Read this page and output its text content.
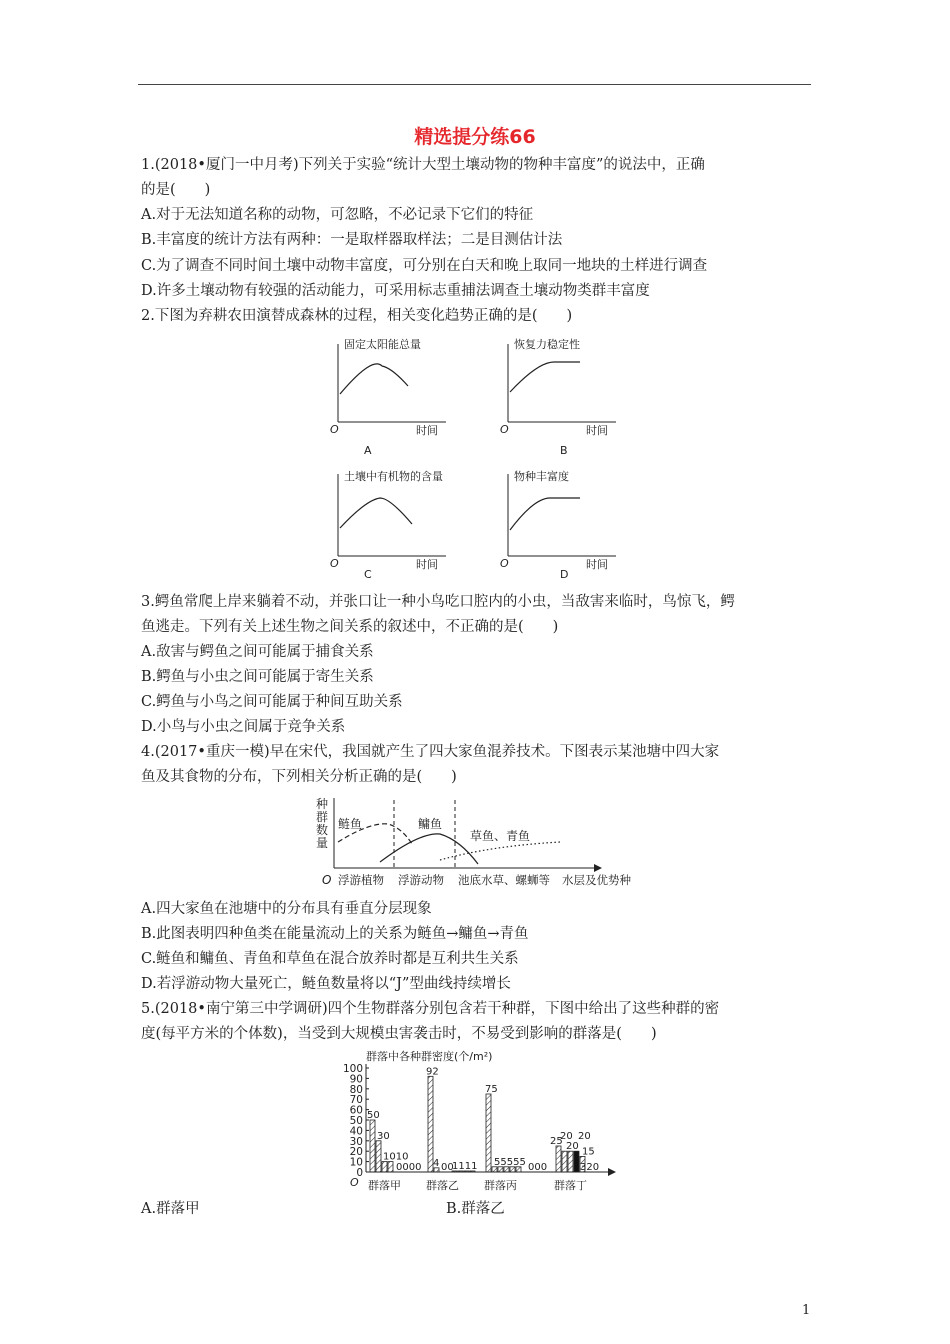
精选提分练66
1.(2018•厦门一中月考)下列关于实验“统计大型土壤动物的物种丰富度”的说法中，正确
的是(　　)
A.对于无法知道名称的动物，可忽略，不必记录下它们的特征
B.丰富度的统计方法有两种：一是取样器取样法；二是目测估计法
C.为了调查不同时间土壤中动物丰富度，可分别在白天和晚上取同一地块的土样进行调查
D.许多土壤动物有较强的活动能力，可采用标志重捕法调查土壤动物类群丰富度
2.下图为弃耕农田演替成森林的过程，相关变化趋势正确的是(　　)
固定太阳能总量
时间
O
A
恢复力稳定性
时间
O
B
土壤中有机物的含量
时间
O
C
物种丰富度
时间
O
D
3.鳄鱼常爬上岸来躺着不动，并张口让一种小鸟吃口腔内的小虫，当敌害来临时，鸟惊飞，鳄
鱼逃走。下列有关上述生物之间关系的叙述中，不正确的是(　　)
A.敌害与鳄鱼之间可能属于捕食关系
B.鳄鱼与小虫之间可能属于寄生关系
C.鳄鱼与小鸟之间可能属于种间互助关系
D.小鸟与小虫之间属于竞争关系
4.(2017•重庆一模)早在宋代，我国就产生了四大家鱼混养技术。下图表示某池塘中四大家
鱼及其食物的分布，下列相关分析正确的是(　　)
种
群
数
量
O
鲢鱼	鳙鱼
草鱼、青鱼
浮游植物 浮游动物 池底水草、螺蛳等 水层及优势种
A.四大家鱼在池塘中的分布具有垂直分层现象
B.此图表明四种鱼类在能量流动上的关系为鲢鱼→鳙鱼→青鱼
C.鲢鱼和鳙鱼、青鱼和草鱼在混合放养时都是互利共生关系
D.若浮游动物大量死亡，鲢鱼数量将以“J”型曲线持续增长
5.(2018•南宁第三中学调研)四个生物群落分别包含若干种群，下图中给出了这些种群的密
度(每平方米的个体数)，当受到大规模虫害袭击时，不易受到影响的群落是(　　)
群落中各种群密度(个/m²)
O
100
90
80
70
60
50
40
30
20
10
0
群落甲 群落乙 群落丙	群落丁
50
30
1010
0000
92
4 00
1111
75
55555 000
25
20
20
20
15
320
A.群落甲	B.群落乙
1
